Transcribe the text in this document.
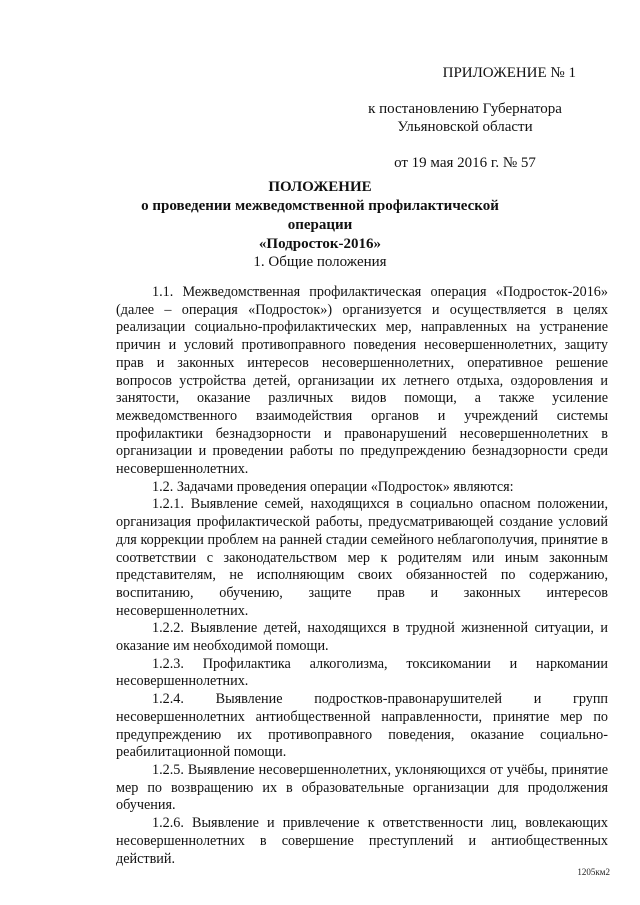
ПРИЛОЖЕНИЕ № 1
к постановлению Губернатора
Ульяновской области
от 19 мая 2016 г. № 57
ПОЛОЖЕНИЕ
о проведении межведомственной профилактической операции
«Подросток-2016»
1. Общие положения

1.1. Межведомственная профилактическая операция «Подросток-2016» (далее – операция «Подросток») организуется и осуществляется в целях реализации социально-профилактических мер, направленных на устранение причин и условий противоправного поведения несовершеннолетних, защиту прав и законных интересов несовершеннолетних, оперативное решение вопросов устройства детей, организации их летнего отдыха, оздоровления и занятости, оказание различных видов помощи, а также усиление межведомственного взаимодействия органов и учреждений системы профилактики безнадзорности и правонарушений несовершеннолетних в организации и проведении работы по предупреждению безнадзорности среди несовершеннолетних.

1.2. Задачами проведения операции «Подросток» являются:

1.2.1. Выявление семей, находящихся в социально опасном положении, организация профилактической работы, предусматривающей создание условий для коррекции проблем на ранней стадии семейного неблагополучия, принятие в соответствии с законодательством мер к родителям или иным законным представителям, не исполняющим своих обязанностей по содержанию, воспитанию, обучению, защите прав и законных интересов несовершеннолетних.

1.2.2. Выявление детей, находящихся в трудной жизненной ситуации, и оказание им необходимой помощи.

1.2.3. Профилактика алкоголизма, токсикомании и наркомании несовершеннолетних.

1.2.4. Выявление подростков-правонарушителей и групп несовершеннолетних антиобщественной направленности, принятие мер по предупреждению их противоправного поведения, оказание социально-реабилитационной помощи.

1.2.5. Выявление несовершеннолетних, уклоняющихся от учёбы, принятие мер по возвращению их в образовательные организации для продолжения обучения.

1.2.6. Выявление и привлечение к ответственности лиц, вовлекающих несовершеннолетних в совершение преступлений и антиобщественных действий.

1205км2
